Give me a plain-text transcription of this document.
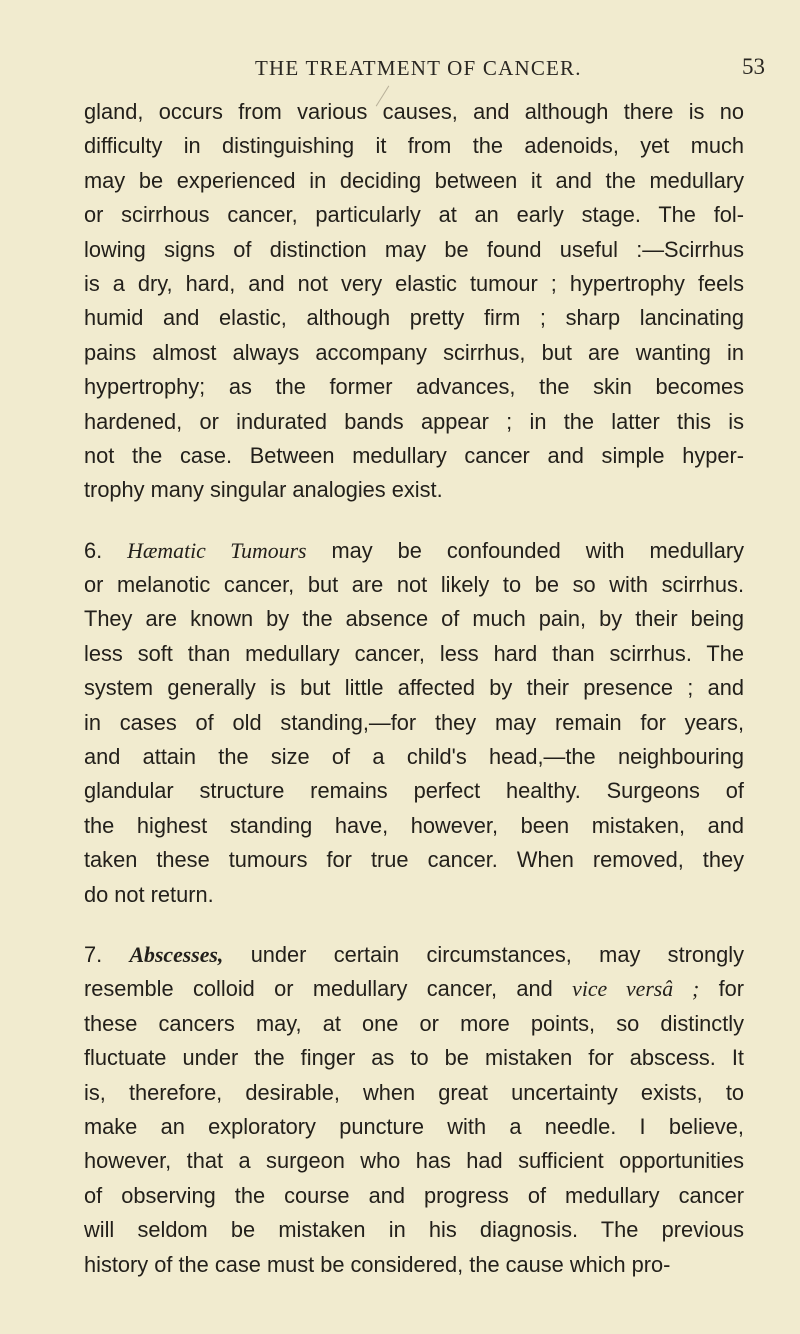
THE TREATMENT OF CANCER.	53
gland, occurs from various causes, and although there is no
difficulty in distinguishing it from the adenoids, yet much
may be experienced in deciding between it and the medullary
or scirrhous cancer, particularly at an early stage. The fol-
lowing signs of distinction may be found useful :—Scirrhus
is a dry, hard, and not very elastic tumour ; hypertrophy feels
humid and elastic, although pretty firm ; sharp lancinating
pains almost always accompany scirrhus, but are wanting in
hypertrophy; as the former advances, the skin becomes
hardened, or indurated bands appear ; in the latter this is
not the case. Between medullary cancer and simple hyper-
trophy many singular analogies exist.
6. Hæmatic Tumours may be confounded with medullary
or melanotic cancer, but are not likely to be so with scirrhus.
They are known by the absence of much pain, by their being
less soft than medullary cancer, less hard than scirrhus. The
system generally is but little affected by their presence ; and
in cases of old standing,—for they may remain for years,
and attain the size of a child's head,—the neighbouring
glandular structure remains perfect healthy. Surgeons of
the highest standing have, however, been mistaken, and
taken these tumours for true cancer. When removed, they
do not return.
7. Abscesses, under certain circumstances, may strongly
resemble colloid or medullary cancer, and vice versâ ; for
these cancers may, at one or more points, so distinctly
fluctuate under the finger as to be mistaken for abscess. It
is, therefore, desirable, when great uncertainty exists, to
make an exploratory puncture with a needle. I believe,
however, that a surgeon who has had sufficient opportunities
of observing the course and progress of medullary cancer
will seldom be mistaken in his diagnosis. The previous
history of the case must be considered, the cause which pro-
